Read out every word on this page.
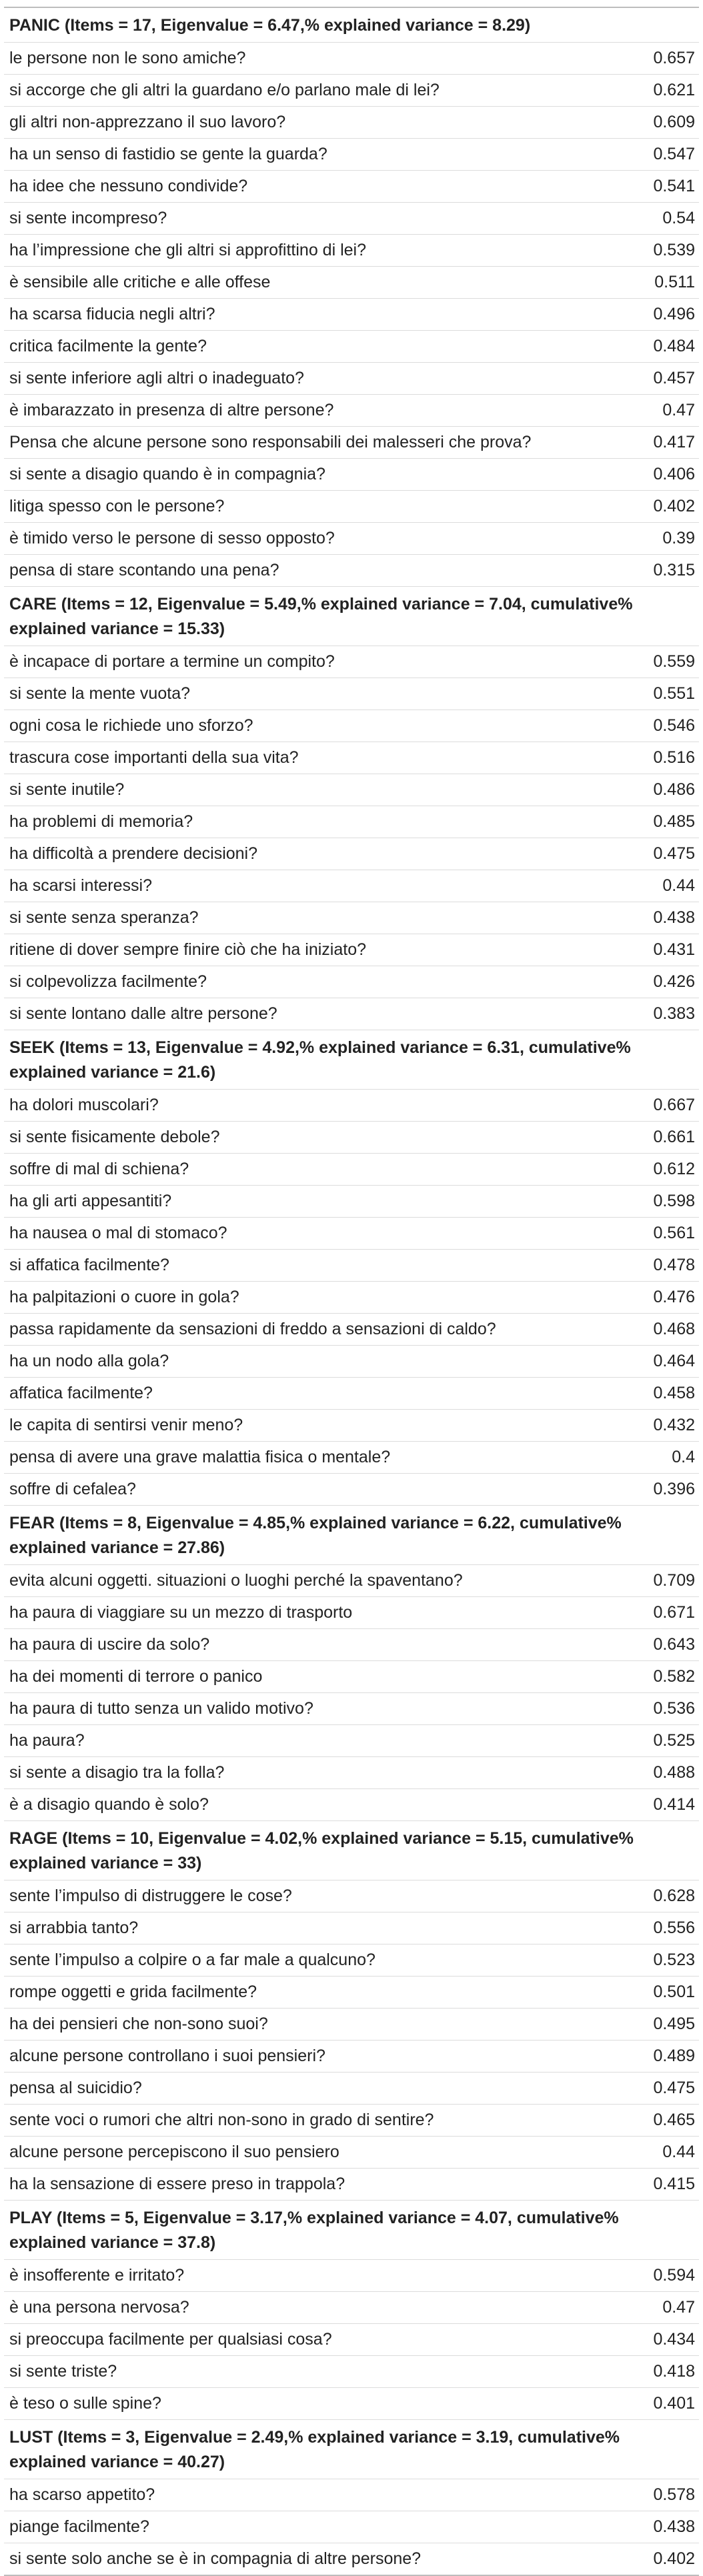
PANIC (Items = 17, Eigenvalue = 6.47,% explained variance = 8.29)	
le persone non le sono amiche?	0.657
si accorge che gli altri la guardano e/o parlano male di lei?	0.621
gli altri non-apprezzano il suo lavoro?	0.609
ha un senso di fastidio se gente la guarda?	0.547
ha idee che nessuno condivide?	0.541
si sente incompreso?	0.54
ha l’impressione che gli altri si approfittino di lei?	0.539
è sensibile alle critiche e alle offese	0.511
ha scarsa fiducia negli altri?	0.496
critica facilmente la gente?	0.484
si sente inferiore agli altri o inadeguato?	0.457
è imbarazzato in presenza di altre persone?	0.47
Pensa che alcune persone sono responsabili dei malesseri che prova?	0.417
si sente a disagio quando è in compagnia?	0.406
litiga spesso con le persone?	0.402
è timido verso le persone di sesso opposto?	0.39
pensa di stare scontando una pena?	0.315
CARE (Items = 12, Eigenvalue = 5.49,% explained variance = 7.04, cumulative% explained variance = 15.33)	
è incapace di portare a termine un compito?	0.559
si sente la mente vuota?	0.551
ogni cosa le richiede uno sforzo?	0.546
trascura cose importanti della sua vita?	0.516
si sente inutile?	0.486
ha problemi di memoria?	0.485
ha difficoltà a prendere decisioni?	0.475
ha scarsi interessi?	0.44
si sente senza speranza?	0.438
ritiene di dover sempre finire ciò che ha iniziato?	0.431
si colpevolizza facilmente?	0.426
si sente lontano dalle altre persone?	0.383
SEEK (Items = 13, Eigenvalue = 4.92,% explained variance = 6.31, cumulative% explained variance = 21.6)	
ha dolori muscolari?	0.667
si sente fisicamente debole?	0.661
soffre di mal di schiena?	0.612
ha gli arti appesantiti?	0.598
ha nausea o mal di stomaco?	0.561
si affatica facilmente?	0.478
ha palpitazioni o cuore in gola?	0.476
passa rapidamente da sensazioni di freddo a sensazioni di caldo?	0.468
ha un nodo alla gola?	0.464
affatica facilmente?	0.458
le capita di sentirsi venir meno?	0.432
pensa di avere una grave malattia fisica o mentale?	0.4
soffre di cefalea?	0.396
FEAR (Items = 8, Eigenvalue = 4.85,% explained variance = 6.22, cumulative% explained variance = 27.86)	
evita alcuni oggetti. situazioni o luoghi perché la spaventano?	0.709
ha paura di viaggiare su un mezzo di trasporto	0.671
ha paura di uscire da solo?	0.643
ha dei momenti di terrore o panico	0.582
ha paura di tutto senza un valido motivo?	0.536
ha paura?	0.525
si sente a disagio tra la folla?	0.488
è a disagio quando è solo?	0.414
RAGE (Items = 10, Eigenvalue = 4.02,% explained variance = 5.15, cumulative% explained variance = 33)	
sente l’impulso di distruggere le cose?	0.628
si arrabbia tanto?	0.556
sente l’impulso a colpire o a far male a qualcuno?	0.523
rompe oggetti e grida facilmente?	0.501
ha dei pensieri che non-sono suoi?	0.495
alcune persone controllano i suoi pensieri?	0.489
pensa al suicidio?	0.475
sente voci o rumori che altri non-sono in grado di sentire?	0.465
alcune persone percepiscono il suo pensiero	0.44
ha la sensazione di essere preso in trappola?	0.415
PLAY (Items = 5, Eigenvalue = 3.17,% explained variance = 4.07, cumulative% explained variance = 37.8)	
è insofferente e irritato?	0.594
è una persona nervosa?	0.47
si preoccupa facilmente per qualsiasi cosa?	0.434
si sente triste?	0.418
è teso o sulle spine?	0.401
LUST (Items = 3, Eigenvalue = 2.49,% explained variance = 3.19, cumulative% explained variance = 40.27)	
ha scarso appetito?	0.578
piange facilmente?	0.438
si sente solo anche se è in compagnia di altre persone?	0.402
